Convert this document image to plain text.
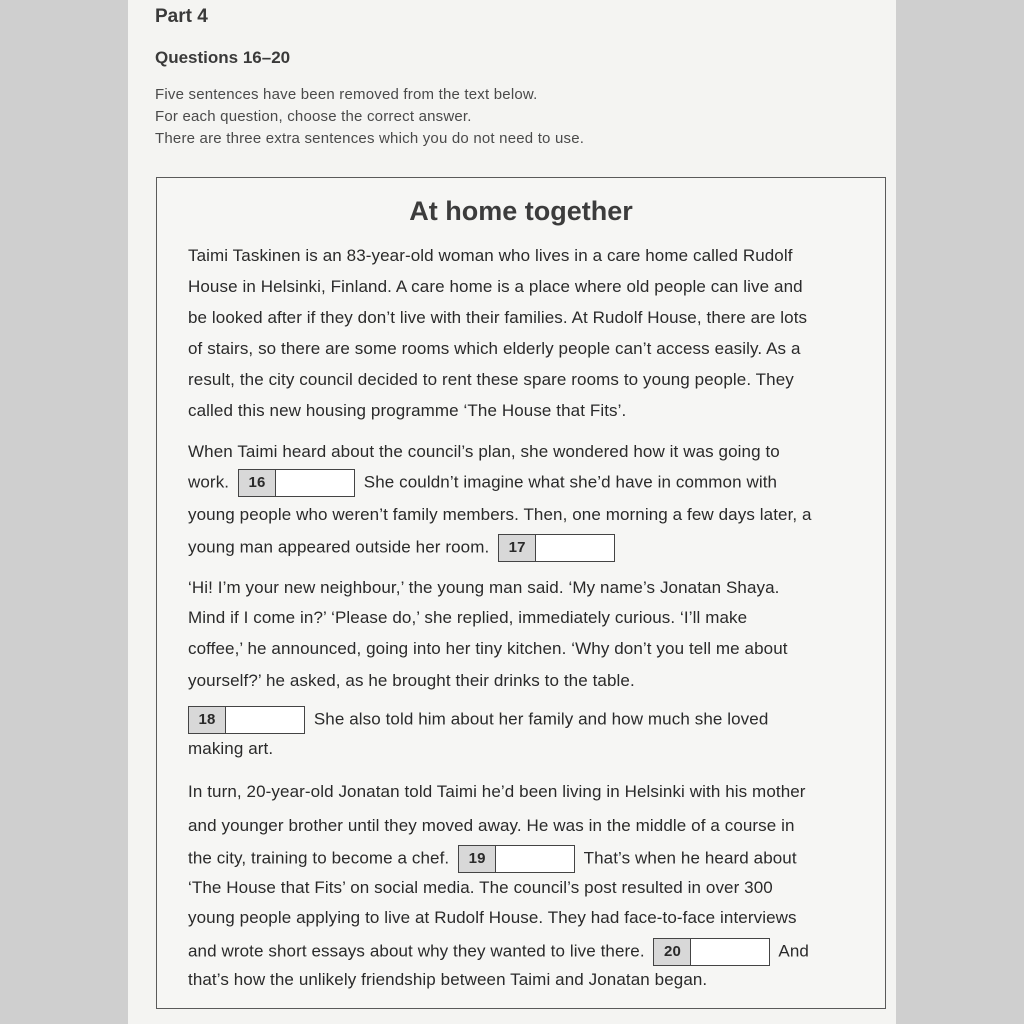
Part 4
Questions 16–20
Five sentences have been removed from the text below.
For each question, choose the correct answer.
There are three extra sentences which you do not need to use.
At home together
Taimi Taskinen is an 83-year-old woman who lives in a care home called Rudolf
House in Helsinki, Finland. A care home is a place where old people can live and
be looked after if they don’t live with their families. At Rudolf House, there are lots
of stairs, so there are some rooms which elderly people can’t access easily. As a
result, the city council decided to rent these spare rooms to young people. They
called this new housing programme ‘The House that Fits’.
When Taimi heard about the council’s plan, she wondered how it was going to
work.	16	She couldn’t imagine what she’d have in common with
young people who weren’t family members. Then, one morning a few days later, a
young man appeared outside her room.	17
‘Hi! I’m your new neighbour,’ the young man said. ‘My name’s Jonatan Shaya.
Mind if I come in?’ ‘Please do,’ she replied, immediately curious. ‘I’ll make
coffee,’ he announced, going into her tiny kitchen. ‘Why don’t you tell me about
yourself?’ he asked, as he brought their drinks to the table.
18	She also told him about her family and how much she loved
making art.
In turn, 20-year-old Jonatan told Taimi he’d been living in Helsinki with his mother
and younger brother until they moved away. He was in the middle of a course in
the city, training to become a chef.	19	That’s when he heard about
‘The House that Fits’ on social media. The council’s post resulted in over 300
young people applying to live at Rudolf House. They had face-to-face interviews
and wrote short essays about why they wanted to live there.	20	And
that’s how the unlikely friendship between Taimi and Jonatan began.
